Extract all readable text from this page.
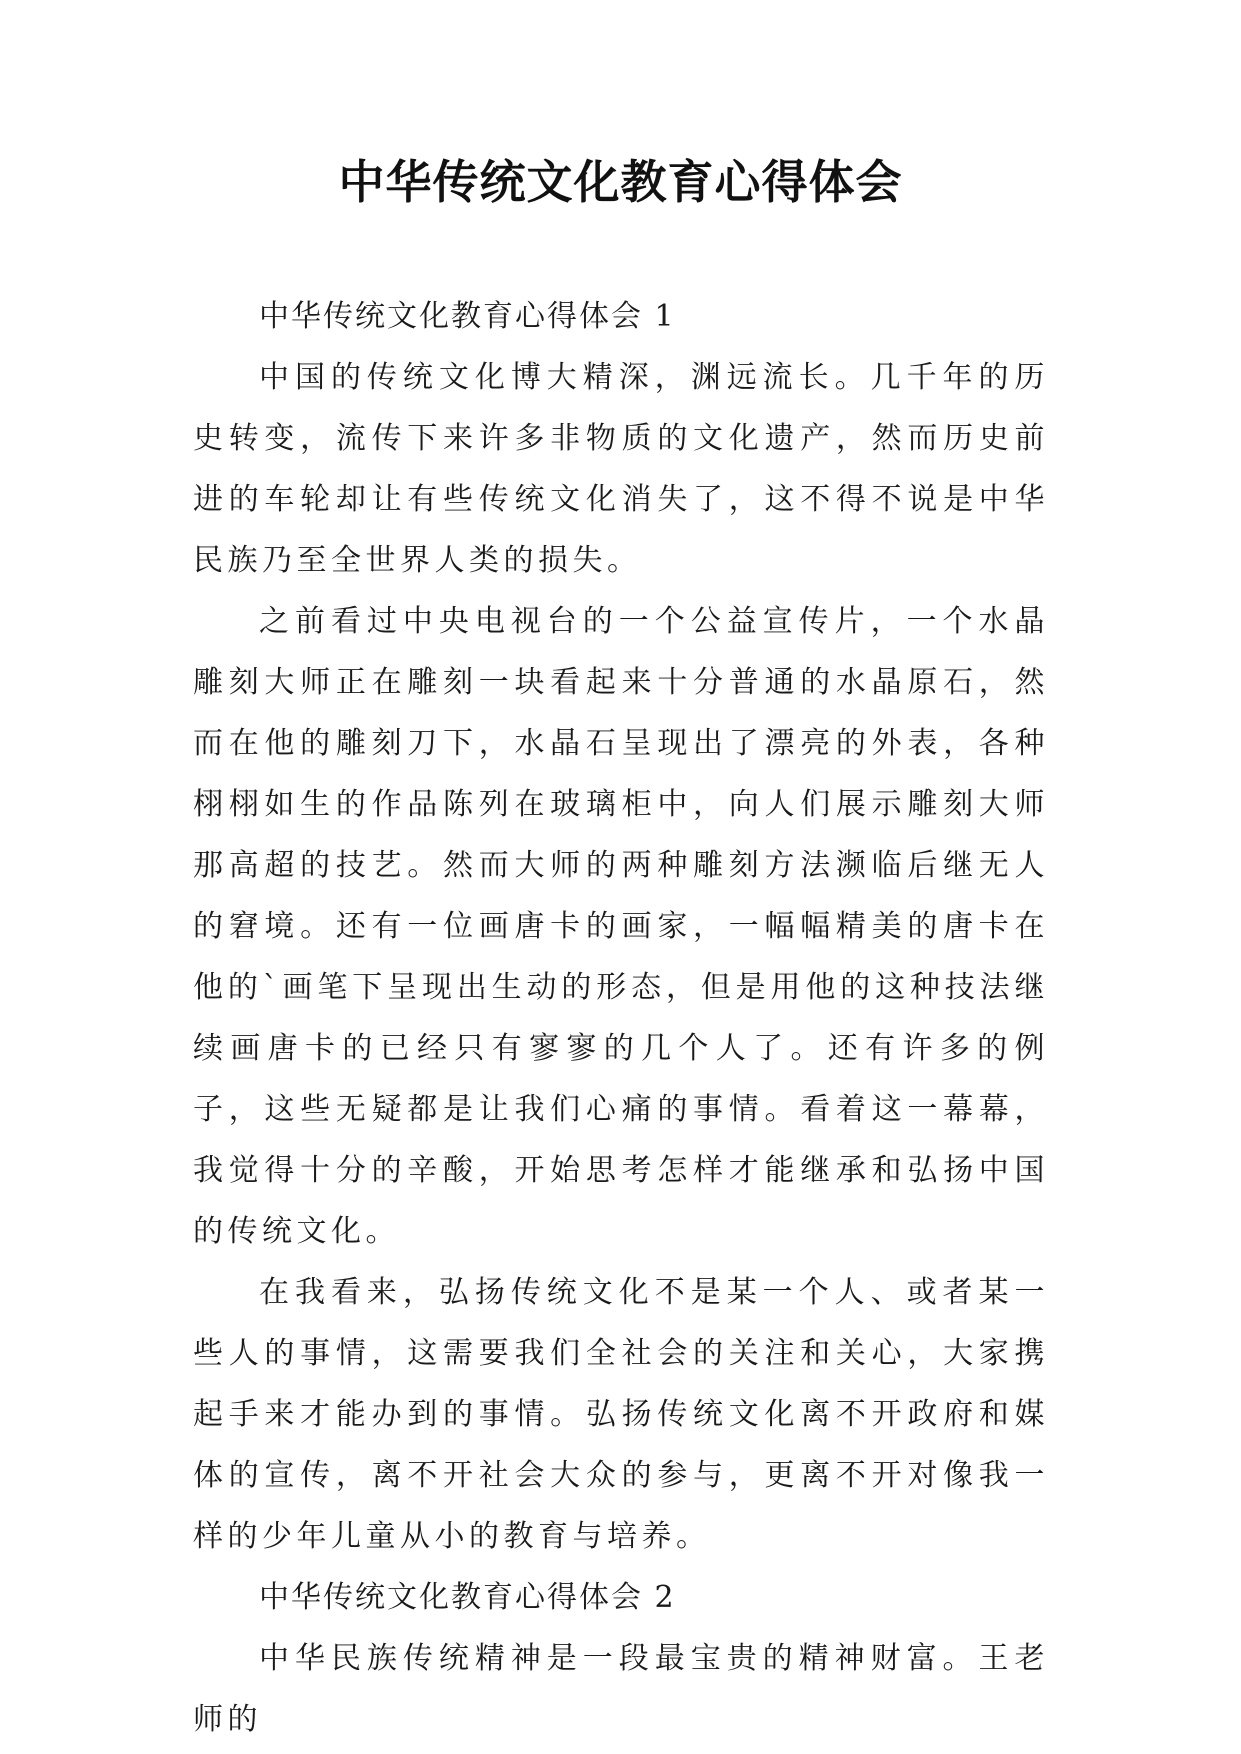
中华传统文化教育心得体会

中华传统文化教育心得体会 1

中国的传统文化博大精深，渊远流长。几千年的历史转变，流传下来许多非物质的文化遗产，然而历史前进的车轮却让有些传统文化消失了，这不得不说是中华民族乃至全世界人类的损失。

之前看过中央电视台的一个公益宣传片，一个水晶雕刻大师正在雕刻一块看起来十分普通的水晶原石，然而在他的雕刻刀下，水晶石呈现出了漂亮的外表，各种栩栩如生的作品陈列在玻璃柜中，向人们展示雕刻大师那高超的技艺。然而大师的两种雕刻方法濒临后继无人的窘境。还有一位画唐卡的画家，一幅幅精美的唐卡在他的`画笔下呈现出生动的形态，但是用他的这种技法继续画唐卡的已经只有寥寥的几个人了。还有许多的例子，这些无疑都是让我们心痛的事情。看着这一幕幕，我觉得十分的辛酸，开始思考怎样才能继承和弘扬中国的传统文化。

在我看来，弘扬传统文化不是某一个人、或者某一些人的事情，这需要我们全社会的关注和关心，大家携起手来才能办到的事情。弘扬传统文化离不开政府和媒体的宣传，离不开社会大众的参与，更离不开对像我一样的少年儿童从小的教育与培养。

中华传统文化教育心得体会 2

中华民族传统精神是一段最宝贵的精神财富。王老师的
